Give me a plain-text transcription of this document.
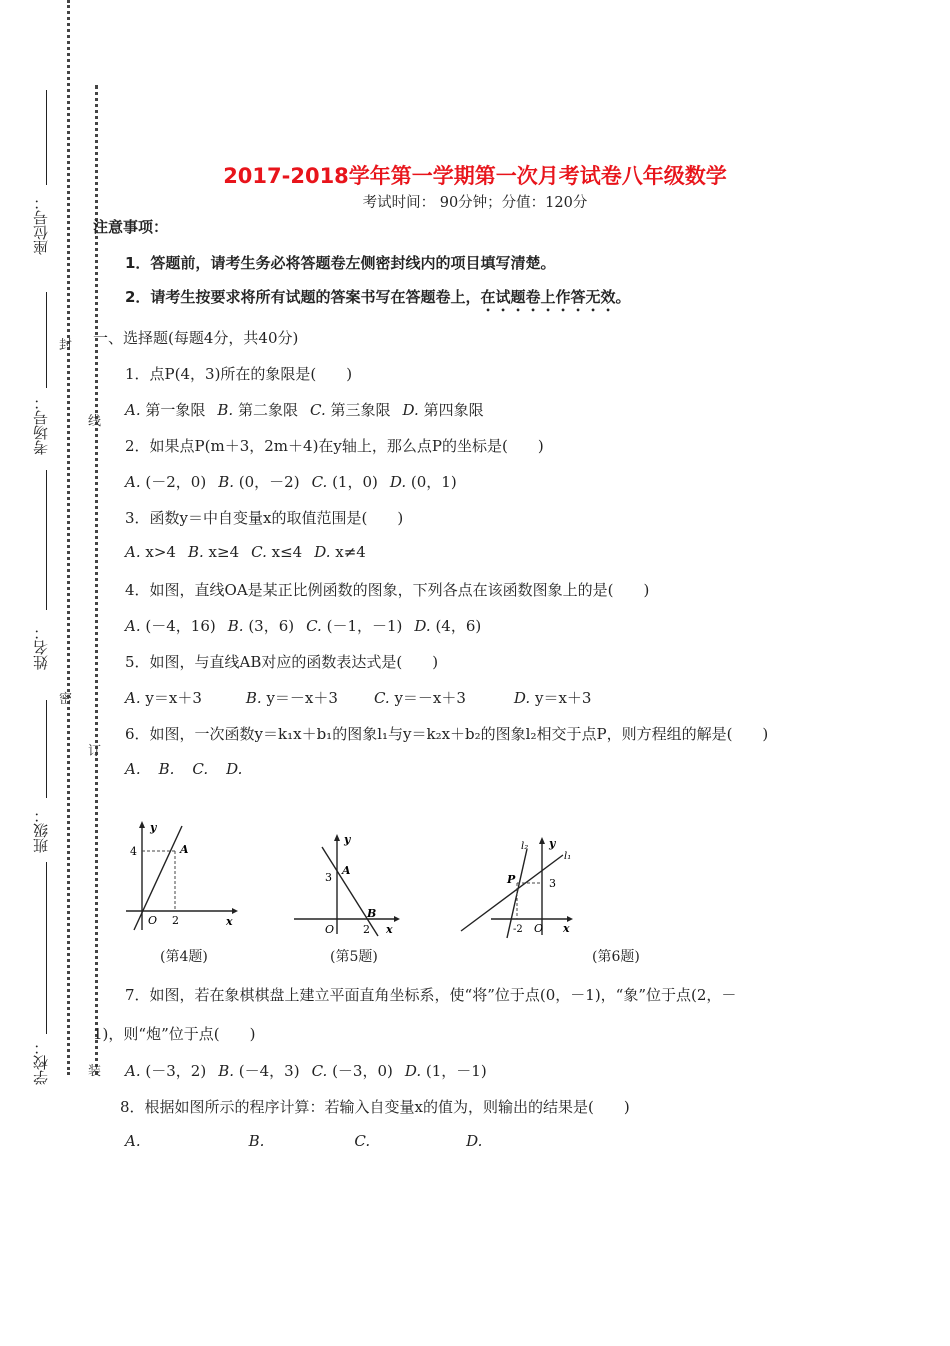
座位号：
考场号：
姓名：
班级：
学校：
封
线
密
订
装
2017-2018学年第一学期第一次月考试卷八年级数学
考试时间： 90分钟；分值：120分
注意事项：
1．答题前，请考生务必将答题卷左侧密封线内的项目填写清楚。
2．请考生按要求将所有试题的答案书写在答题卷上，在试题卷上作答无效。
一、选择题(每题4分，共40分)
1．点P(4，3)所在的象限是(　　)
A. 第一象限 B. 第二象限 C. 第三象限 D. 第四象限
2．如果点P(m＋3，2m＋4)在y轴上，那么点P的坐标是(　　)
A. (－2，0) B. (0，－2) C. (1，0) D. (0，1)
3．函数y＝中自变量x的取值范围是(　　)
A. x>4 B. x≥4 C. x≤4 D. x≠4
4．如图，直线OA是某正比例函数的图象，下列各点在该函数图象上的是(　　)
A. (－4，16) B. (3，6) C. (－1，－1) D. (4，6)
5．如图，与直线AB对应的函数表达式是(　　)
A. y＝x＋3	B. y＝－x＋3 C. y＝－x＋3	D. y＝x＋3
6．如图，一次函数y＝k₁x＋b₁的图象l₁与y＝k₂x＋b₂的图象l₂相交于点P，则方程组的解是(　　)
A. B. C. D.
y
x
O
4
2
A
(第4题)
y
x
O
3
2
A
B
(第5题)
y
x
O
3
-2
P
l₁
l₂
(第6题)
7．如图，若在象棋棋盘上建立平面直角坐标系，使“将”位于点(0，－1)，“象”位于点(2，－
1)，则“炮”位于点(　　)
A. (－3，2) B. (－4，3) C. (－3，0) D. (1，－1)
8．根据如图所示的程序计算：若输入自变量x的值为，则输出的结果是(　　)
A.	B.	C.	D.
